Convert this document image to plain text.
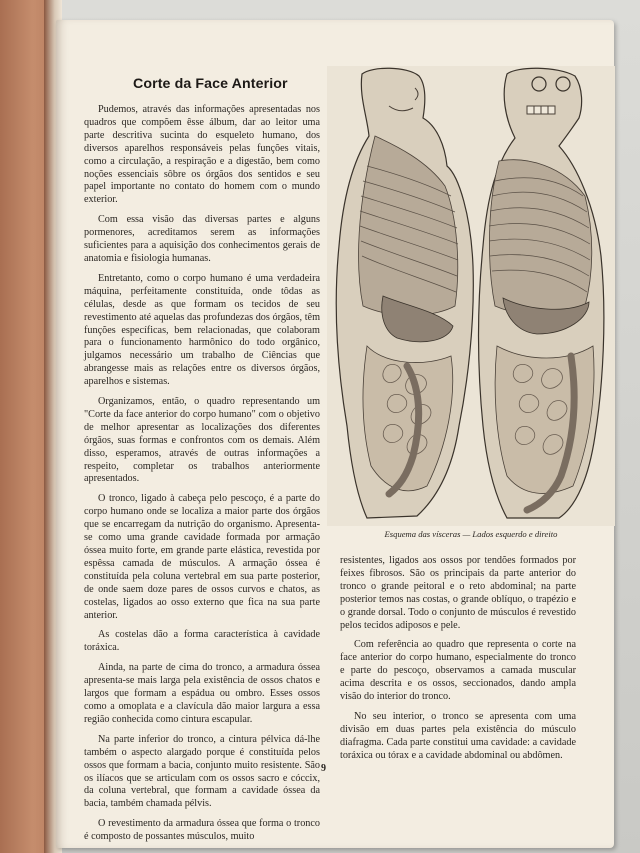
Corte da Face Anterior

Pudemos, através das informações apresentadas nos quadros que compõem êsse álbum, dar ao leitor uma parte descritiva sucinta do esqueleto humano, dos diversos aparelhos responsáveis pelas funções vitais, como a circulação, a respiração e a digestão, bem como noções essenciais sôbre os órgãos dos sentidos e seu papel importante no contato do homem com o mundo exterior.

Com essa visão das diversas partes e alguns pormenores, acreditamos serem as informações suficientes para a aquisição dos conhecimentos gerais de anatomia e fisiologia humanas.

Entretanto, como o corpo humano é uma verdadeira máquina, perfeitamente constituída, onde tôdas as células, desde as que formam os tecidos de seu revestimento até aquelas das profundezas dos órgãos, têm funções específicas, bem relacionadas, que colaboram para o funcionamento harmônico do todo orgânico, julgamos necessário um trabalho de Ciências que abrangesse mais as relações entre os diversos órgãos, aparelhos e sistemas.

Organizamos, então, o quadro representando um "Corte da face anterior do corpo humano" com o objetivo de melhor apresentar as localizações dos diferentes órgãos, suas formas e confrontos com os demais. Além disso, esperamos, através de outras informações a respeito, completar os trabalhos anteriormente apresentados.

O tronco, ligado à cabeça pelo pescoço, é a parte do corpo humano onde se localiza a maior parte dos órgãos que se encarregam da nutrição do organismo. Apresenta-se como uma grande cavidade formada por armação óssea muito forte, em grande parte elástica, revestida por espêssa camada de músculos. A armação óssea é constituída pela coluna vertebral em sua parte posterior, de onde saem doze pares de ossos curvos e chatos, as costelas, ligados ao osso externo que fica na sua parte anterior.

As costelas dão a forma característica à cavidade toráxica.

Ainda, na parte de cima do tronco, a armadura óssea apresenta-se mais larga pela existência de ossos chatos e largos que formam a espádua ou ombro. Esses ossos como a omoplata e a clavícula dão maior largura a essa região conhecida como cintura escapular.

Na parte inferior do tronco, a cintura pélvica dá-lhe também o aspecto alargado porque é constituída pelos ossos que formam a bacia, conjunto muito resistente. São os ilíacos que se articulam com os ossos sacro e cóccix, da coluna vertebral, que formam a cavidade óssea da bacia, também chamada pélvis.

O revestimento da armadura óssea que forma o tronco é composto de possantes músculos, muito

Esquema das vísceras — Lados esquerdo e direito

resistentes, ligados aos ossos por tendões formados por feixes fibrosos. São os principais da parte anterior do tronco o grande peitoral e o reto abdominal; na parte posterior temos nas costas, o grande oblíquo, o trapézio e o grande dorsal. Todo o conjunto de músculos é revestido pelos tecidos adiposos e pele.

Com referência ao quadro que representa o corte na face anterior do corpo humano, especialmente do tronco e parte do pescoço, observamos a camada muscular acima descrita e os ossos, seccionados, dando ampla visão do interior do tronco.

No seu interior, o tronco se apresenta com uma divisão em duas partes pela existência do músculo diafragma. Cada parte constitui uma cavidade: a cavidade toráxica ou tórax e a cavidade abdominal ou abdômen.

9
